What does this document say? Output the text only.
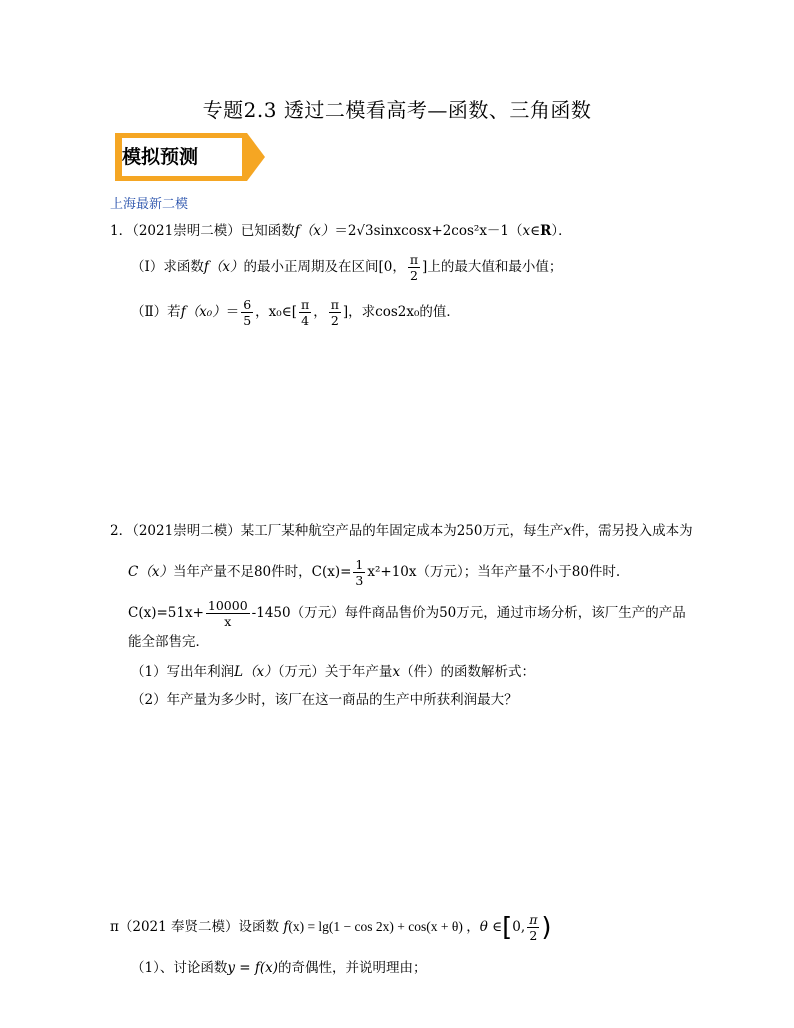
专题2.3 透过二模看高考—函数、三角函数
模拟预测
上海最新二模
1．（2021崇明二模）已知函数f（x）＝2√3sinxcosx+2cos²x－1（x∈R）．
（Ⅰ）求函数f（x）的最小正周期及在区间[0， $\frac{\pi}{2}$ ]上的最大值和最小值；
（Ⅱ）若$f(x_0)= \frac{6}{5}$ ，x₀∈[ $\frac{\pi}{4}$ ， $\frac{\pi}{2}$ ]，求cos2x₀的值．
2．（2021崇明二模）某工厂某种航空产品的年固定成本为250万元，每生产x件，需另投入成本为
C（x）当年产量不足80件时，$C(x)= \frac{1}{3} x^2+10x$（万元）；当年产量不小于80件时.
$C(x)=51x+ \frac{10000}{x} -1450$（万元）每件商品售价为50万元，通过市场分析，该厂生产的产品
能全部售完．
（1）写出年利润L（x）（万元）关于年产量x（件）的函数解析式：
（2）年产量为多少时，该厂在这一商品的生产中所获利润最大？
π（2021 奉贤二模）设函数 f(x) = lg(1 − cos 2x) + cos(x + θ) ，θ ∈[0, $\frac{\pi}{2}$ )
（1）、讨论函数y = f(x)的奇偶性，并说明理由；
